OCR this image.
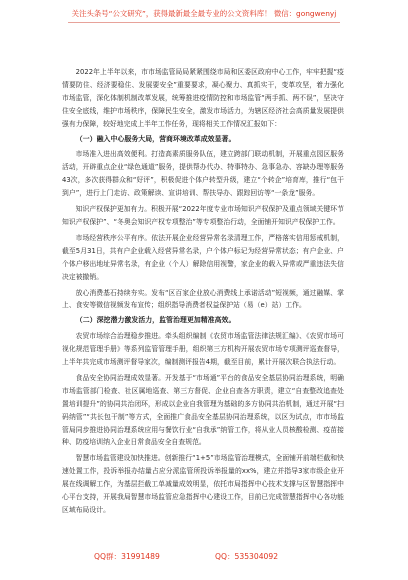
关注头条号“公文研究”，获得最新最全最专业的公文资料库！ 微信：gongwenyj

2022年上半年以来，市市场监管局局紧紧围绕市局和区委区政府中心工作，牢牢把握“疫情要防住、经济要稳住、发展要安全”重要要求，凝心聚力、真抓实干，变革攻坚，着力强化市场监管，深化体制机制改革发展，统筹推进疫情防控和市场监管“两手抓、两不误”，坚决守住安全底线，维护市场秩序，保障民生安全，激发市场活力，为辖区经济社会高质量发展提供强有力保障，较好地完成上半年工作任务，现将相关工作情况汇报如下：

（一）融入中心服务大局，营商环境改革成效显著。

市场准入进出高效便利。打造高素质服务队伍，建立跨部门联动机制，开展重点园区服务活动，开辟重点企业“绿色通道”服务，提供帮办代办、特事特办、急事急办、容缺办理等服务43次，多次获得群众和“好评”，积极促进个体户转型升级，建立“个转企”培育库，推行“包干到户”，进行上门走访、政策解读、宣讲培训、帮扶导办、跟踪回访等“一条龙”服务。

知识产权保护更加有力。积极开展“2022年度专业市场知识产权保护及重点领域关键环节知识产权保护”、“冬奥会知识产权专项整治”等专项整治行动，全面铺开知识产权保护工作。

市场经营秩序公平有序。依法开展企业经营异常名录清理工作，严格落实信用惩戒机制，截至5月31日，共有户企业载入经营异常名录，户个体户标记为经营异常状态；有户企业、户个体户移出地址异常名录，有企业（个人）解除信用视警，家企业的载入异常或严重违法失信决定被撤销。

放心消费基石持续夯实。发布“区百家企业放心消费线上承诺活动”短视频，通过融媒、掌上、食安等微信视频发布宣传；组织指导消费者权益保护站（易（e）站）工作。

（二）深挖潜力激发活力，监管治理更加精准高效。

农贸市场综合治理稳步推进。牵头组织编制《农贸市场监管法律法规汇编》、《农贸市场可视化规范管理手册》等系列监管管理手册，组织第三方机构开展农贸市场专项测评巡查督导，上半年共完成市场测评督导家次，编制测评报告4期，截至目前，累计开展次联合执法行动。

食品安全协同治理成效显著。开发基于“市场通”平台的食品安全基层协同治理系统，明确市场监管部门检查、社区属地巡查、第三方督促、企业自查各方职责，建立“自查整改追查处置培训提升”的协同共治闭环，形成以企业自我管理为基础的多方协同共治机制，通过开展“扫码纳管”“共长包干制”等方式，全面推广食品安全基层协同治理系统，以区为试点，市市场监管局同步推进协同治理系统应用与餐饮行业“自我承”纳管工作，将从业人员核酸检测、疫苗接种、防疫培训纳入企业日常食品安全自查规范。

智慧市场监管建设加快推进。创新推行“1+5”市场监管治理模式，全面铺开前端栏截和快速处置工作，投诉举报办结量占应分派监管所投诉举报量的xx%，建立并指导3家市级企业开展在线调解工作，为基层拦截工单减量成效明显，依托市局指挥中心技术支撑与区智慧指挥中心平台支持，开展我局智慧市场监管应急指挥中心建设工作，目前已完成智慧指挥中心各功能区域布局设计。

QQ群：31991489	QQ：535304092
